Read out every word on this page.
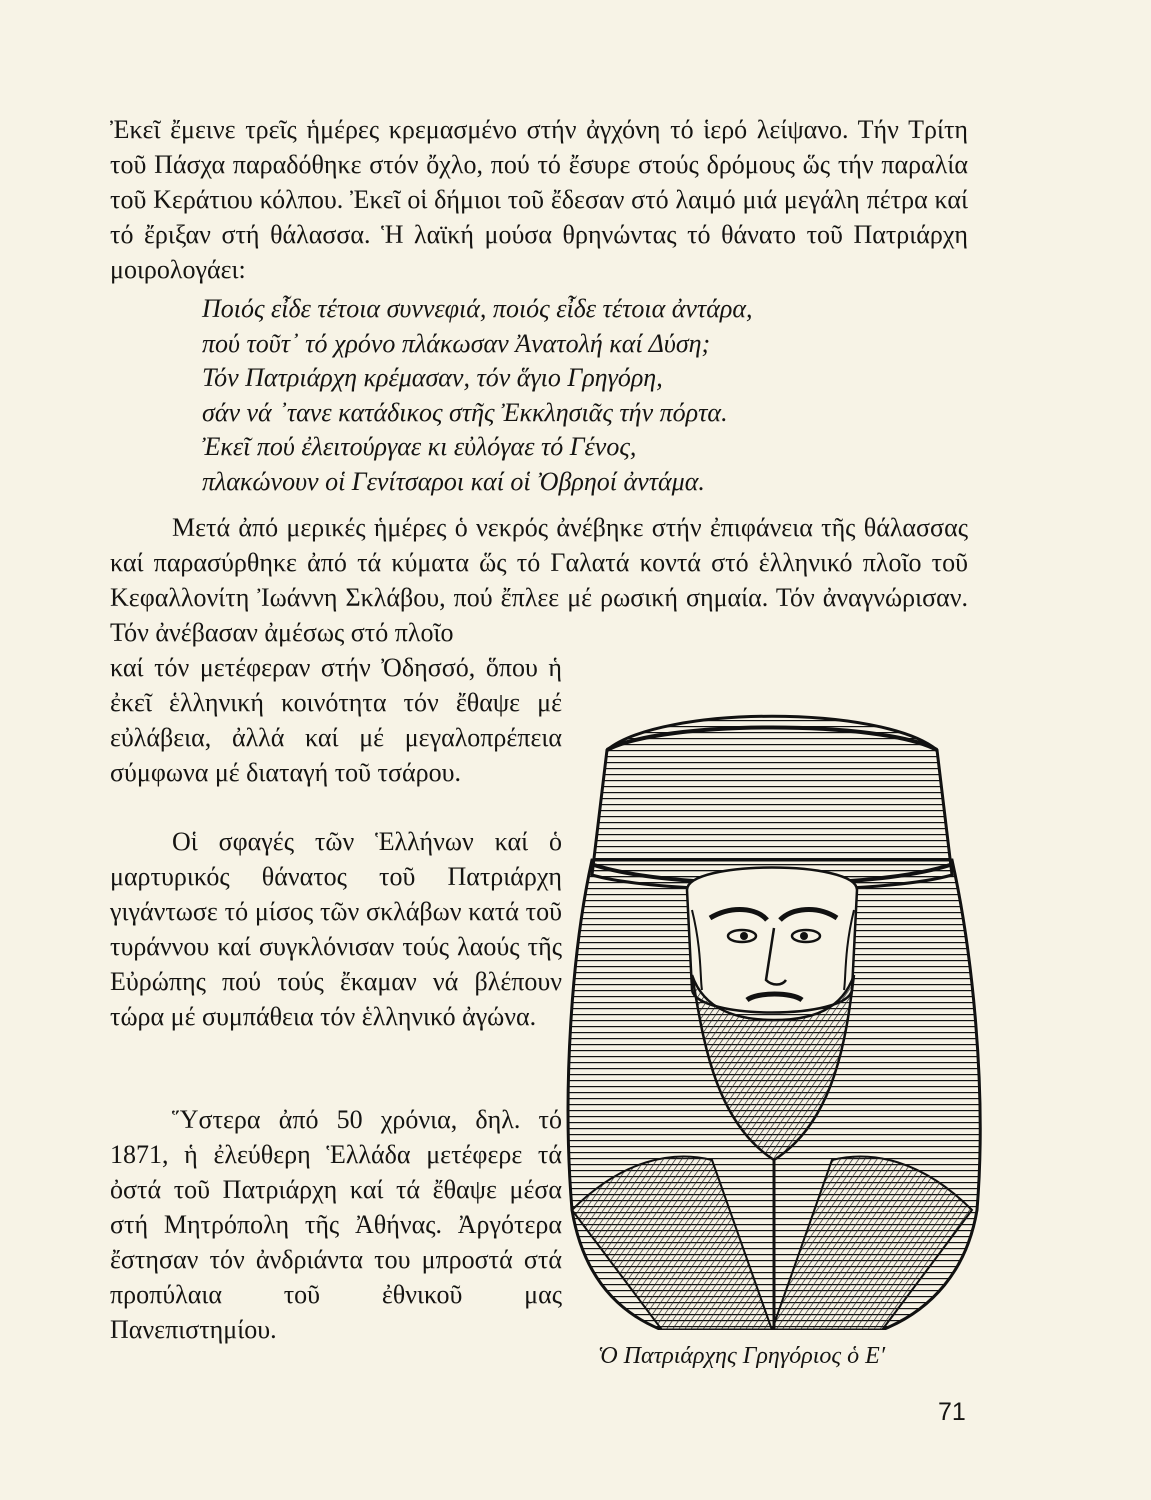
Ἐκεῖ ἔμεινε τρεῖς ἡμέρες κρεμασμένο στήν ἀγχόνη τό ἱερό λείψανο. Τήν Τρίτη τοῦ Πάσχα παραδόθηκε στόν ὄχλο, πού τό ἔσυρε στούς δρόμους ὥς τήν παραλία τοῦ Κεράτιου κόλπου. Ἐκεῖ οἱ δήμιοι τοῦ ἔδεσαν στό λαιμό μιά μεγάλη πέτρα καί τό ἔριξαν στή θάλασσα. Ἡ λαϊκή μούσα θρηνώντας τό θάνατο τοῦ Πατριάρχη μοιρολογάει:

Ποιός εἶδε τέτοια συννεφιά, ποιός εἶδε τέτοια ἀντάρα,
πού τοῦτ᾽ τό χρόνο πλάκωσαν Ἀνατολή καί Δύση;
Τόν Πατριάρχη κρέμασαν, τόν ἅγιο Γρηγόρη,
σάν νά ᾽τανε κατάδικος στῆς Ἐκκλησιᾶς τήν πόρτα.
Ἐκεῖ πού ἐλειτούργαε κι εὐλόγαε τό Γένος,
πλακώνουν οἱ Γενίτσαροι καί οἱ Ὀβρηοί ἀντάμα.

Μετά ἀπό μερικές ἡμέρες ὁ νεκρός ἀνέβηκε στήν ἐπιφάνεια τῆς θάλασσας καί παρασύρθηκε ἀπό τά κύματα ὥς τό Γαλατά κοντά στό ἑλληνικό πλοῖο τοῦ Κεφαλλονίτη Ἰωάννη Σκλάβου, πού ἔπλεε μέ ρωσική σημαία. Τόν ἀναγνώρισαν. Τόν ἀνέβασαν ἀμέσως στό πλοῖο

καί τόν μετέφεραν στήν Ὀδησσό, ὅπου ἡ ἐκεῖ ἑλληνική κοινότητα τόν ἔθαψε μέ εὐλάβεια, ἀλλά καί μέ μεγαλοπρέπεια σύμφωνα μέ διαταγή τοῦ τσάρου.

Οἱ σφαγές τῶν Ἑλλήνων καί ὁ μαρτυρικός θάνατος τοῦ Πατριάρχη γιγάντωσε τό μίσος τῶν σκλάβων κατά τοῦ τυράννου καί συγκλόνισαν τούς λαούς τῆς Εὐρώπης πού τούς ἔκαμαν νά βλέπουν τώρα μέ συμπάθεια τόν ἑλληνικό ἀγώνα.

Ὕστερα ἀπό 50 χρόνια, δηλ. τό 1871, ἡ ἐλεύθερη Ἑλλάδα μετέφερε τά ὀστά τοῦ Πατριάρχη καί τά ἔθαψε μέσα στή Μητρόπολη τῆς Ἀθήνας. Ἀργότερα ἔστησαν τόν ἀνδριάντα του μπροστά στά προπύλαια τοῦ ἐθνικοῦ μας Πανεπιστημίου.

Ὁ Πατριάρχης Γρηγόριος ὁ Ε′
71
